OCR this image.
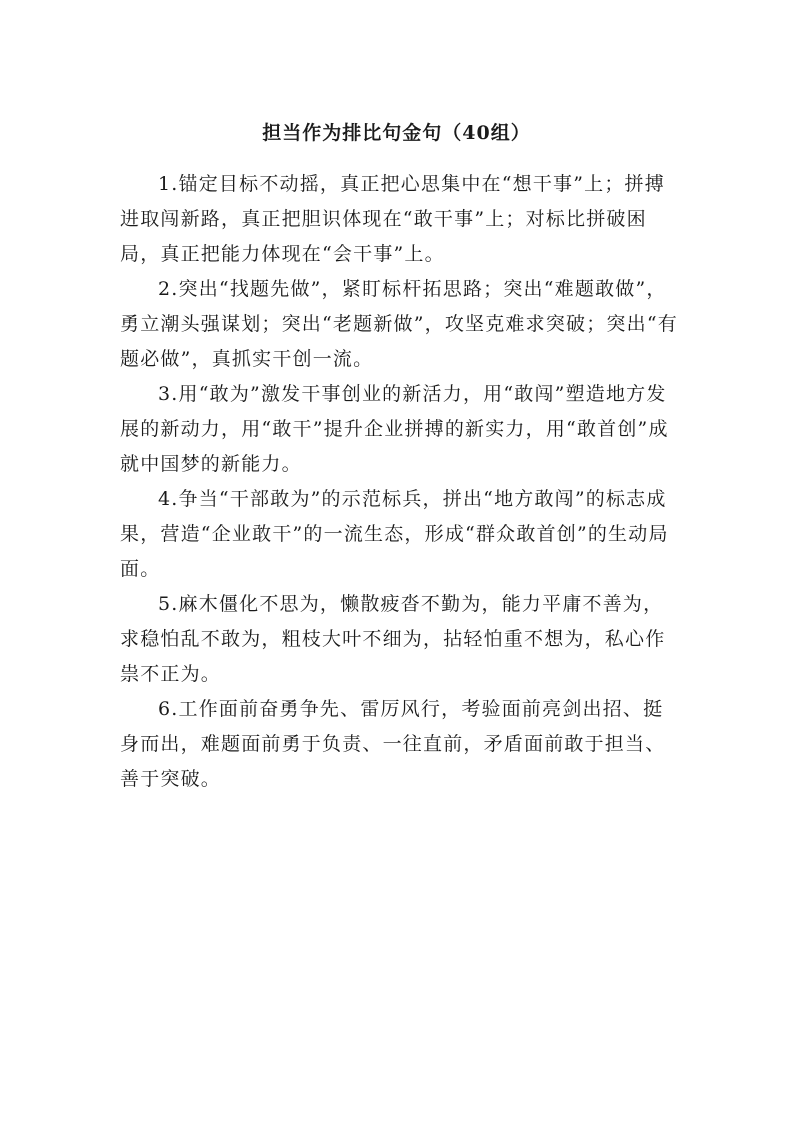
担当作为排比句金句（40组）

1.锚定目标不动摇，真正把心思集中在“想干事”上；拼搏进取闯新路，真正把胆识体现在“敢干事”上；对标比拼破困局，真正把能力体现在“会干事”上。

2.突出“找题先做”，紧盯标杆拓思路；突出“难题敢做”，勇立潮头强谋划；突出“老题新做”，攻坚克难求突破；突出“有题必做”，真抓实干创一流。

3.用“敢为”激发干事创业的新活力，用“敢闯”塑造地方发展的新动力，用“敢干”提升企业拼搏的新实力，用“敢首创”成就中国梦的新能力。

4.争当“干部敢为”的示范标兵，拼出“地方敢闯”的标志成果，营造“企业敢干”的一流生态，形成“群众敢首创”的生动局面。

5.麻木僵化不思为，懒散疲沓不勤为，能力平庸不善为，求稳怕乱不敢为，粗枝大叶不细为，拈轻怕重不想为，私心作祟不正为。

6.工作面前奋勇争先、雷厉风行，考验面前亮剑出招、挺身而出，难题面前勇于负责、一往直前，矛盾面前敢于担当、善于突破。
